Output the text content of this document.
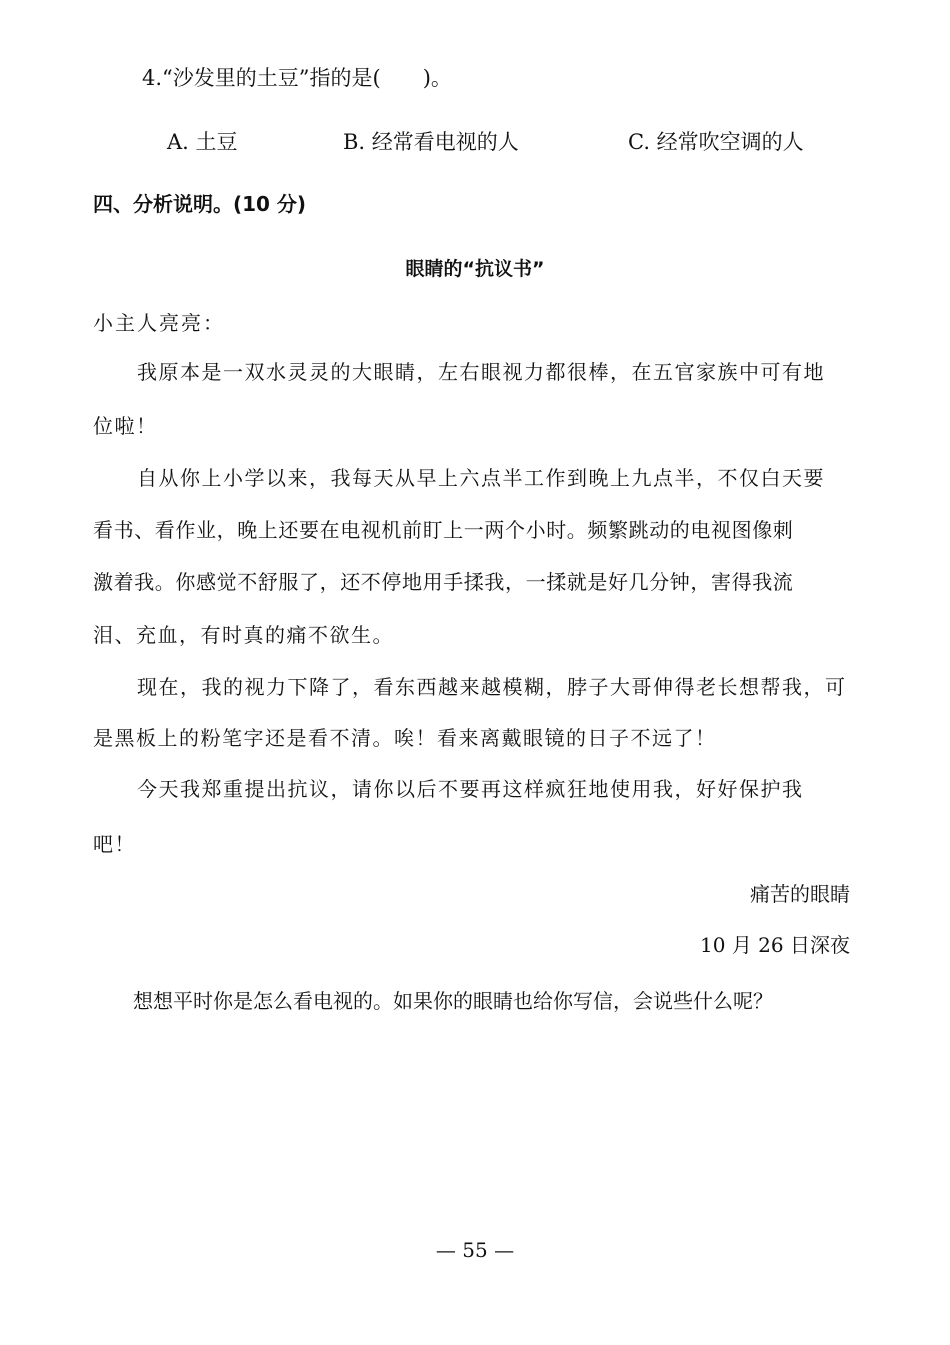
4.“沙发里的土豆”指的是(　　)。
A. 土豆	B. 经常看电视的人	C. 经常吹空调的人
四、分析说明。(10 分)
眼睛的“抗议书”
小主人亮亮：
我原本是一双水灵灵的大眼睛，左右眼视力都很棒，在五官家族中可有地
位啦！
自从你上小学以来，我每天从早上六点半工作到晚上九点半，不仅白天要
看书、看作业，晚上还要在电视机前盯上一两个小时。频繁跳动的电视图像刺
激着我。你感觉不舒服了，还不停地用手揉我，一揉就是好几分钟，害得我流
泪、充血，有时真的痛不欲生。
现在，我的视力下降了，看东西越来越模糊，脖子大哥伸得老长想帮我，可
是黑板上的粉笔字还是看不清。唉！看来离戴眼镜的日子不远了！
今天我郑重提出抗议，请你以后不要再这样疯狂地使用我，好好保护我
吧！
痛苦的眼睛
10 月 26 日深夜
想想平时你是怎么看电视的。如果你的眼睛也给你写信，会说些什么呢？
— 55 —
